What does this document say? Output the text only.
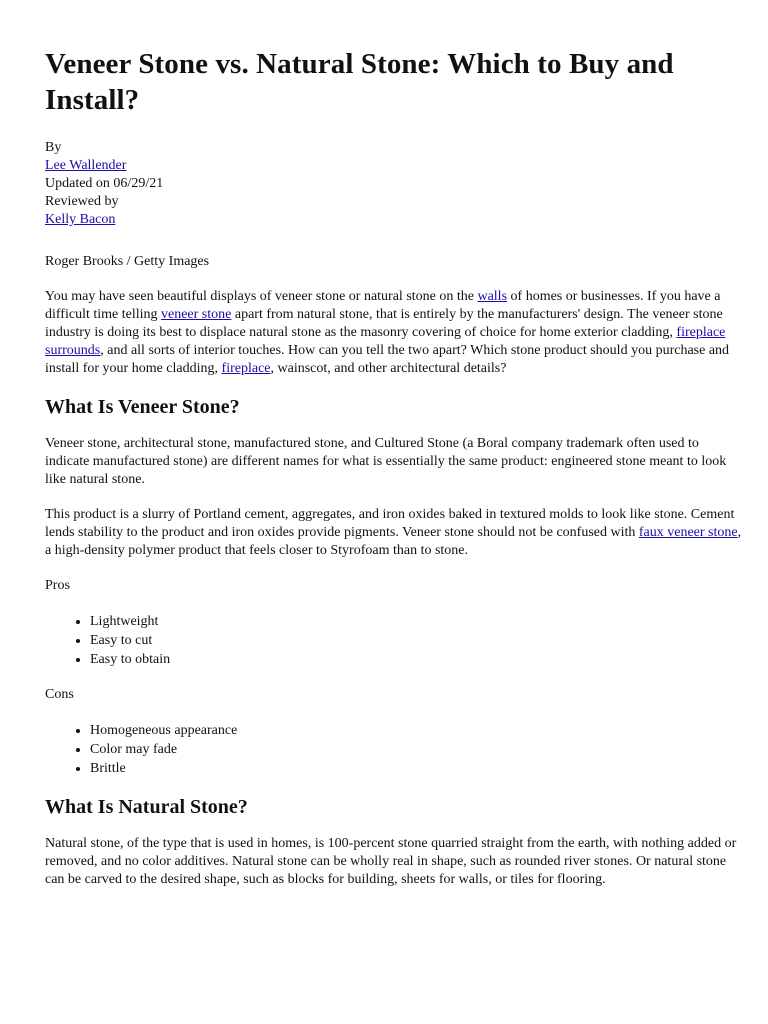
Veneer Stone vs. Natural Stone: Which to Buy and Install?
By
Lee Wallender
Updated on 06/29/21
Reviewed by
Kelly Bacon
Roger Brooks / Getty Images

You may have seen beautiful displays of veneer stone or natural stone on the walls of homes or businesses. If you have a difficult time telling veneer stone apart from natural stone, that is entirely by the manufacturers' design. The veneer stone industry is doing its best to displace natural stone as the masonry covering of choice for home exterior cladding, fireplace surrounds, and all sorts of interior touches. How can you tell the two apart? Which stone product should you purchase and install for your home cladding, fireplace, wainscot, and other architectural details?

What Is Veneer Stone?

Veneer stone, architectural stone, manufactured stone, and Cultured Stone (a Boral company trademark often used to indicate manufactured stone) are different names for what is essentially the same product: engineered stone meant to look like natural stone.

This product is a slurry of Portland cement, aggregates, and iron oxides baked in textured molds to look like stone. Cement lends stability to the product and iron oxides provide pigments. Veneer stone should not be confused with faux veneer stone, a high-density polymer product that feels closer to Styrofoam than to stone.

Pros
• Lightweight
• Easy to cut
• Easy to obtain
Cons
• Homogeneous appearance
• Color may fade
• Brittle
What Is Natural Stone?

Natural stone, of the type that is used in homes, is 100-percent stone quarried straight from the earth, with nothing added or removed, and no color additives. Natural stone can be wholly real in shape, such as rounded river stones. Or natural stone can be carved to the desired shape, such as blocks for building, sheets for walls, or tiles for flooring.
